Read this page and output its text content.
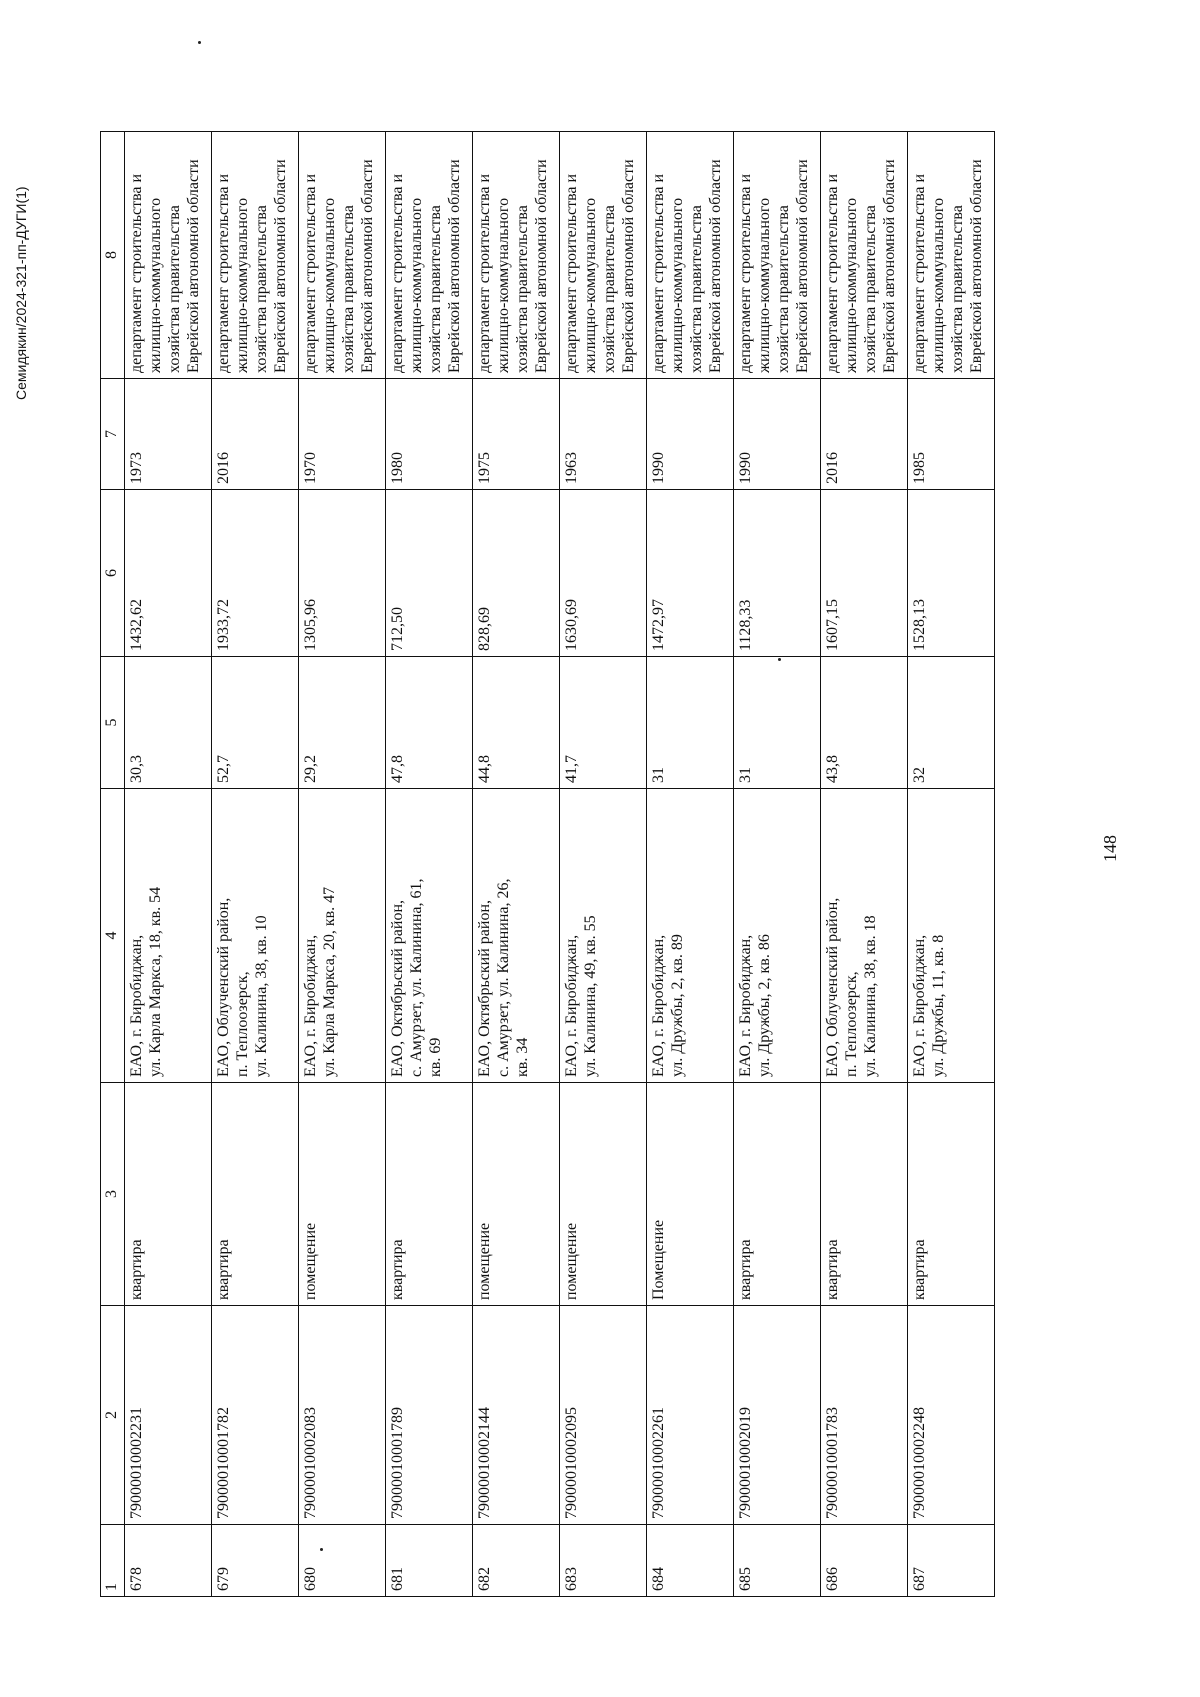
148
1	2	3	4	5	6	7	8
678	79000010002231	квартира	ЕАО, г. Биробиджан,
ул. Карла Маркса, 18, кв. 54	30,3	1432,62	1973	департамент строительства и жилищно-коммунального хозяйства правительства Еврейской автономной области
679	79000010001782	квартира	ЕАО, Облученский район,
п. Теплоозерск,
ул. Калинина, 38, кв. 10	52,7	1933,72	2016	департамент строительства и жилищно-коммунального хозяйства правительства Еврейской автономной области
680	79000010002083	помещение	ЕАО, г. Биробиджан,
ул. Карла Маркса, 20, кв. 47	29,2	1305,96	1970	департамент строительства и жилищно-коммунального хозяйства правительства Еврейской автономной области
681	79000010001789	квартира	ЕАО, Октябрьский район,
с. Амурзет, ул. Калинина, 61,
кв. 69	47,8	712,50	1980	департамент строительства и жилищно-коммунального хозяйства правительства Еврейской автономной области
682	79000010002144	помещение	ЕАО, Октябрьский район,
с. Амурзет, ул. Калинина, 26,
кв. 34	44,8	828,69	1975	департамент строительства и жилищно-коммунального хозяйства правительства Еврейской автономной области
683	79000010002095	помещение	ЕАО, г. Биробиджан,
ул. Калинина, 49, кв. 55	41,7	1630,69	1963	департамент строительства и жилищно-коммунального хозяйства правительства Еврейской автономной области
684	79000010002261	Помещение	ЕАО, г. Биробиджан,
ул. Дружбы, 2, кв. 89	31	1472,97	1990	департамент строительства и жилищно-коммунального хозяйства правительства Еврейской автономной области
685	79000010002019	квартира	ЕАО, г. Биробиджан,
ул. Дружбы, 2, кв. 86	31	1128,33	1990	департамент строительства и жилищно-коммунального хозяйства правительства Еврейской автономной области
686	79000010001783	квартира	ЕАО, Облученский район,
п. Теплоозерск,
ул. Калинина, 38, кв. 18	43,8	1607,15	2016	департамент строительства и жилищно-коммунального хозяйства правительства Еврейской автономной области
687	79000010002248	квартира	ЕАО, г. Биробиджан,
ул. Дружбы, 11, кв. 8	32	1528,13	1985	департамент строительства и жилищно-коммунального хозяйства правительства Еврейской автономной области
Семидякин/2024-321-пп-ДУГИ(1)
